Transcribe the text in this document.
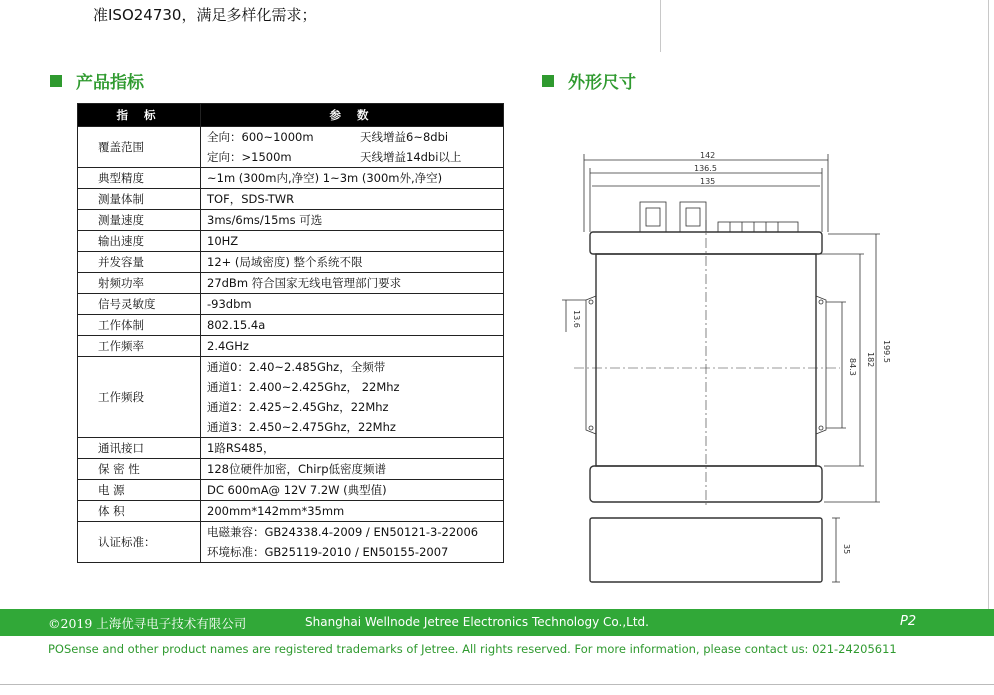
准ISO24730，满足多样化需求；
产品指标	外形尺寸
指 标	参 数
覆盖范围	全向：600~1000m 天线增益6~8dbi
定向：>1500m 天线增益14dbi以上

典型精度	~1m (300m内,净空) 1~3m (300m外,净空)

测量体制	TOF，SDS-TWR

测量速度	3ms/6ms/15ms 可选

输出速度	10HZ

并发容量	12+ (局域密度) 整个系统不限

射频功率	27dBm 符合国家无线电管理部门要求

信号灵敏度	-93dbm

工作体制	802.15.4a

工作频率	2.4GHz

工作频段	通道0：2.40~2.485Ghz，全频带
通道1：2.400~2.425Ghz， 22Mhz
通道2：2.425~2.45Ghz，22Mhz
通道3：2.450~2.475Ghz，22Mhz

通讯接口	1路RS485，

保 密 性	128位硬件加密，Chirp低密度频谱

电 源	DC 600mA@ 12V 7.2W (典型值)

体 积	200mm*142mm*35mm

认证标准：	电磁兼容：GB24338.4-2009 / EN50121-3-22006
环境标准：GB25119-2010 / EN50155-2007
142
136.5
135
199.5
182
84.3
13.6
35
©2019 上海优寻电子技术有限公司	Shanghai Wellnode Jetree Electronics Technology Co.,Ltd.	P2
POSense and other product names are registered trademarks of Jetree. All rights reserved. For more information, please contact us: 021-24205611
